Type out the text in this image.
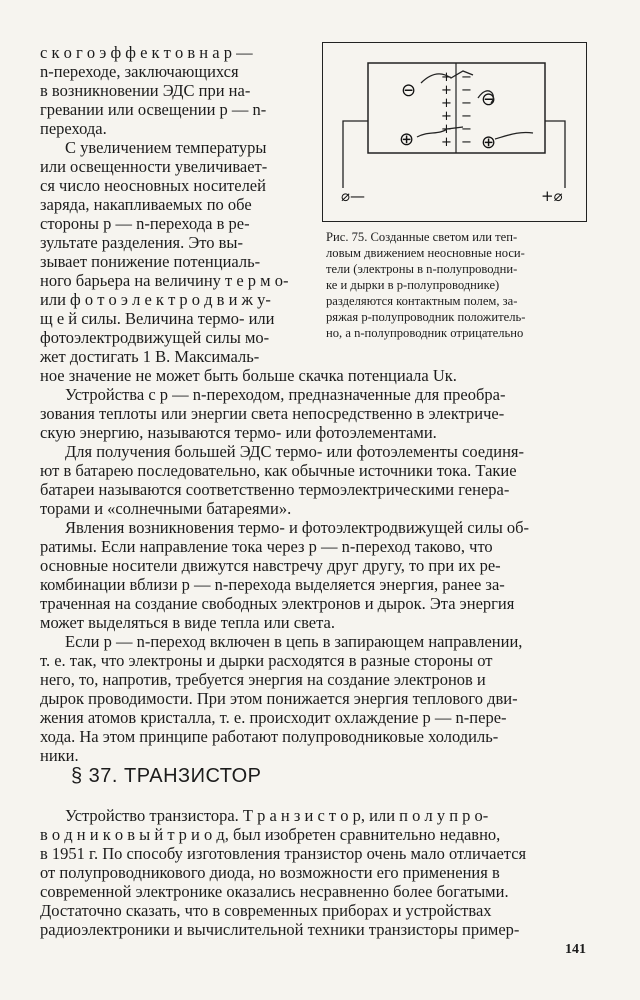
с к о г о э ф ф е к т о в н а p —
n-переходе, заключающихся
в возникновении ЭДС при на-
гревании или освещении p — n-
перехода.
С увеличением температуры
или освещенности увеличивает-
ся число неосновных носителей
заряда, накапливаемых по обе
стороны p — n-перехода в ре-
зультате разделения. Это вы-
зывает понижение потенциаль-
ного барьера на величину т е р м о-
или ф о т о э л е к т р о д в и ж у-
щ е й силы. Величина термо- или
фотоэлектродвижущей силы мо-
жет достигать 1 В. Максималь-
+
+
+
+
+
+
−
−
−
−
−
−
⊖
⊕
⊖
⊕
⌀—	+⌀
Рис. 75. Созданные светом или теп-
ловым движением неосновные носи-
тели (электроны в n-полупроводни-
ке и дырки в p-полупроводнике)
разделяются контактным полем, за-
ряжая p-полупроводник положитель-
но, а n-полупроводник отрицательно
ное значение не может быть больше скачка потенциала Uк.
Устройства с p — n-переходом, предназначенные для преобра-
зования теплоты или энергии света непосредственно в электриче-
скую энергию, называются термо- или фотоэлементами.
Для получения большей ЭДС термо- или фотоэлементы соединя-
ют в батарею последовательно, как обычные источники тока. Такие
батареи называются соответственно термоэлектрическими генера-
торами и «солнечными батареями».
Явления возникновения термо- и фотоэлектродвижущей силы об-
ратимы. Если направление тока через p — n-переход таково, что
основные носители движутся навстречу друг другу, то при их ре-
комбинации вблизи p — n-перехода выделяется энергия, ранее за-
траченная на создание свободных электронов и дырок. Эта энергия
может выделяться в виде тепла или света.
Если p — n-переход включен в цепь в запирающем направлении,
т. е. так, что электроны и дырки расходятся в разные стороны от
него, то, напротив, требуется энергия на создание электронов и
дырок проводимости. При этом понижается энергия теплового дви-
жения атомов кристалла, т. е. происходит охлаждение p — n-пере-
хода. На этом принципе работают полупроводниковые холодиль-
ники.
§ 37. ТРАНЗИСТОР
Устройство транзистора. Т р а н з и с т о р, или п о л у п р о-
в о д н и к о в ы й т р и о д, был изобретен сравнительно недавно,
в 1951 г. По способу изготовления транзистор очень мало отличается
от полупроводникового диода, но возможности его применения в
современной электронике оказались несравненно более богатыми.
Достаточно сказать, что в современных приборах и устройствах
радиоэлектроники и вычислительной техники транзисторы пример-
141
